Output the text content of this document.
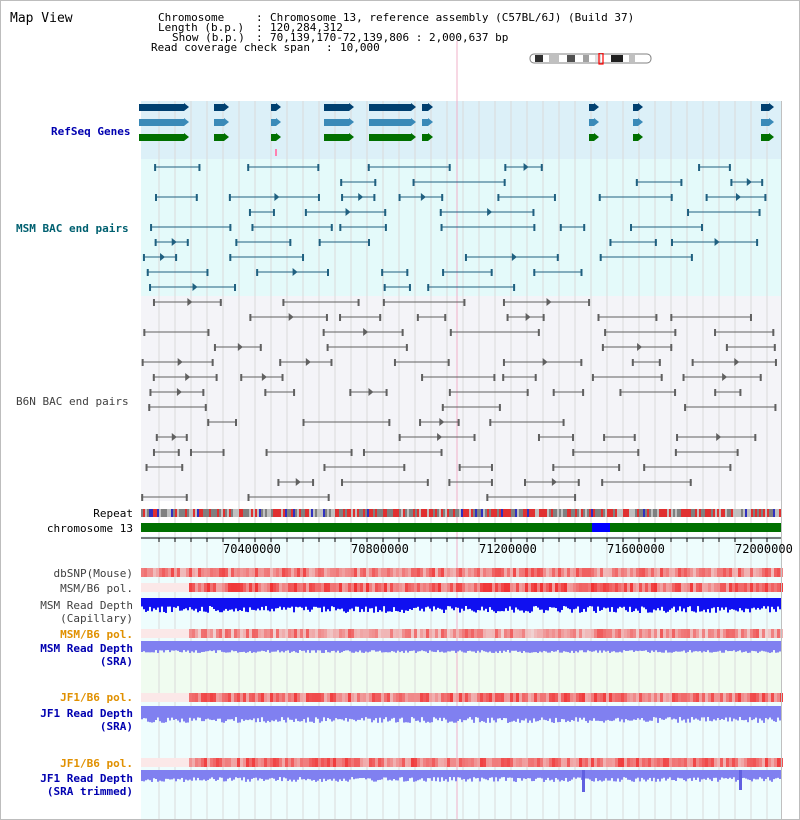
Map View

	Chromosome

	:

Chromosome 13, reference assembly (C57BL/6J) (Build 37)

Length (b.p.)

:

120,284,312

Show (b.p.)

:

70,139,170-72,139,806 : 2,000,637 bp

Read coverage check span

:

10,000

RefSeq Genes
MSM BAC end pairs
B6N BAC end pairs
Repeat
chromosome 13
dbSNP(Mouse)
MSM/B6 pol.
MSM Read Depth
(Capillary)
MSM/B6 pol.
MSM Read Depth
(SRA)
JF1/B6 pol.
JF1 Read Depth
(SRA)
JF1/B6 pol.
JF1 Read Depth
(SRA trimmed)
70400000	70800000	71200000	71600000	72000000
